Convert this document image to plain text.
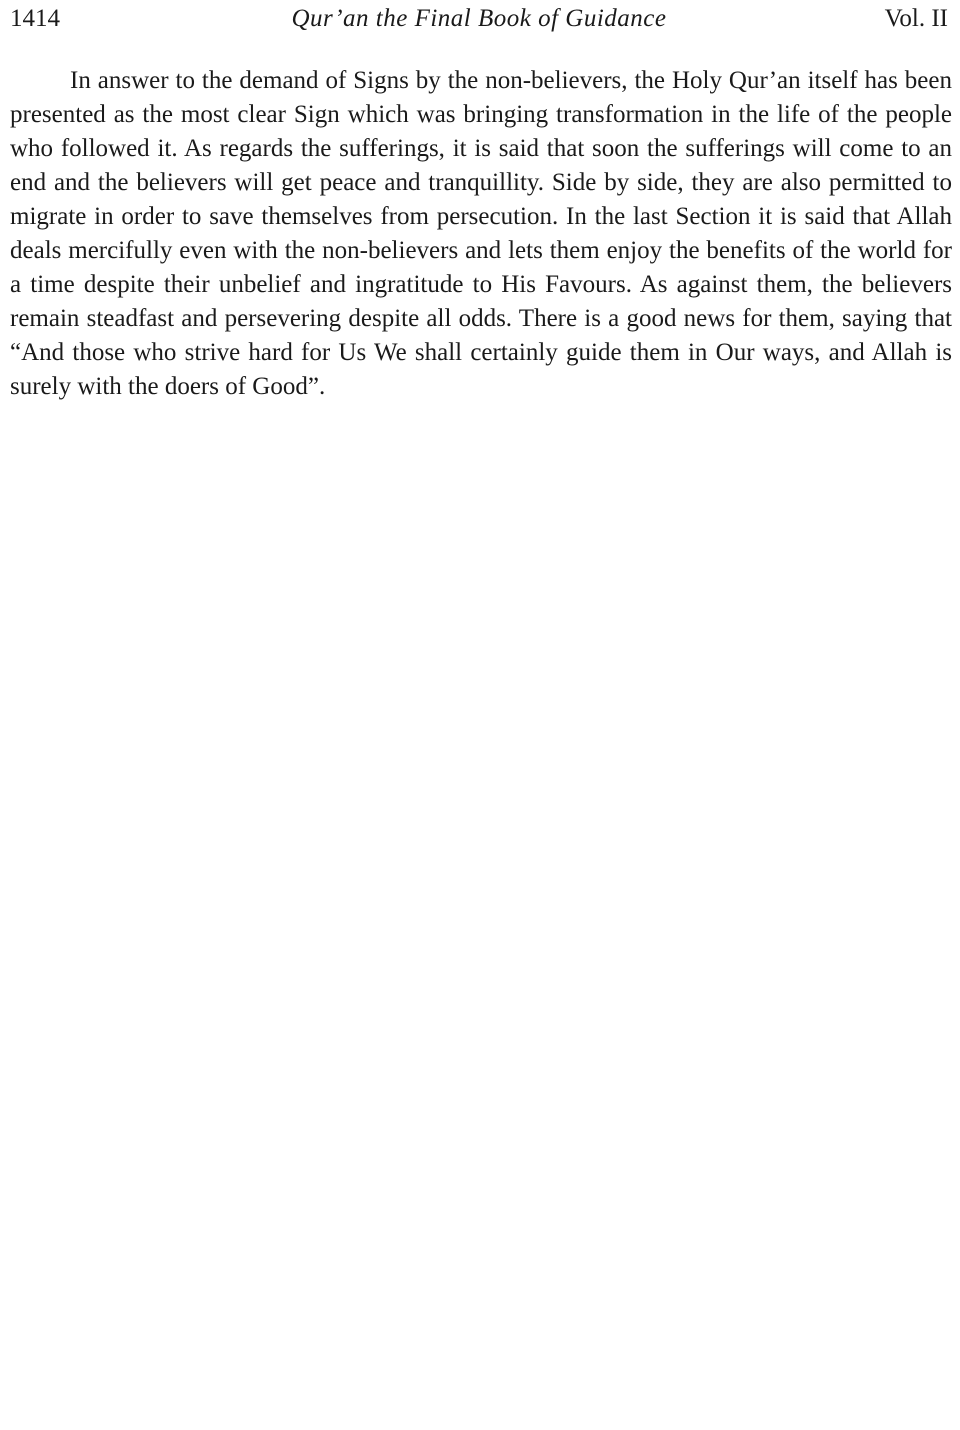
1414	Qur’an the Final Book of Guidance	Vol. II

In answer to the demand of Signs by the non-believers, the Holy Qur’an itself has been presented as the most clear Sign which was bringing transformation in the life of the people who followed it. As regards the sufferings, it is said that soon the sufferings will come to an end and the believers will get peace and tranquillity. Side by side, they are also permitted to migrate in order to save themselves from persecution. In the last Section it is said that Allah deals mercifully even with the non-believers and lets them enjoy the benefits of the world for a time despite their unbelief and ingratitude to His Favours. As against them, the believers remain steadfast and persevering despite all odds. There is a good news for them, saying that “And those who strive hard for Us We shall certainly guide them in Our ways, and Allah is surely with the doers of Good”.
